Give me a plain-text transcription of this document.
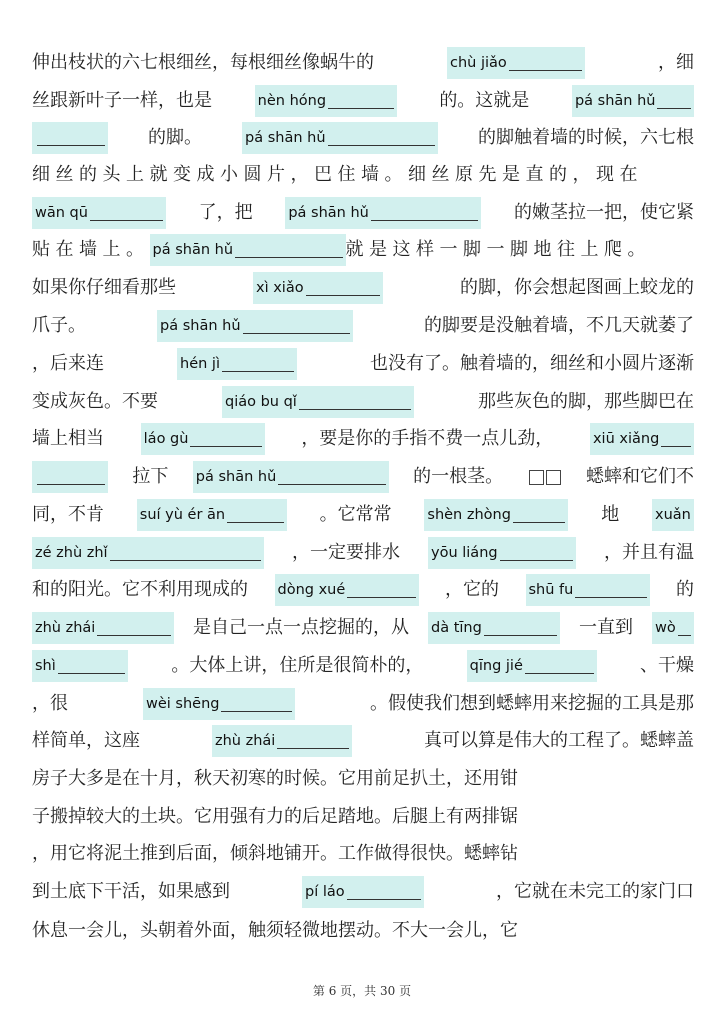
伸出枝状的六七根细丝，每根细丝像蜗牛的	chù jiǎo	，细
丝跟新叶子一样，也是	nèn hóng	的。这就是	pá shān hǔ
的脚。	pá shān hǔ	的脚触着墙的时候，六七根
细丝的头上就变成小圆片，巴住墙。细丝原先是直的，现在
wān qū	了，把 pá shān hǔ	的嫩茎拉一把，使它紧
贴在墙上。 pá shān hǔ	就是这样一脚一脚地往上爬。
如果你仔细看那些	xì xiǎo	的脚，你会想起图画上蛟龙的
爪子。	pá shān hǔ	的脚要是没触着墙，不几天就萎了
，后来连	hén jì	也没有了。触着墙的，细丝和小圆片逐渐
变成灰色。不要	qiáo bu qǐ	那些灰色的脚，那些脚巴在
墙上相当	láo gù	，要是你的手指不费一点儿劲，	xiū xiǎng
拉下 pá shān hǔ	的一根茎。	蟋蟀和它们不
同，不肯 suí yù ér ān	。它常常 shèn zhòng	地 xuǎn
zé zhù zhǐ	，一定要排水 yōu liáng	，并且有温
和的阳光。它不利用现成的 dòng xué	，它的 shū fu	的
zhù zhái	是自己一点一点挖掘的，从 dà tīng	一直到 wò
shì	。大体上讲，住所是很简朴的，	qīng jié	、干燥
，很	wèi shēng	。假使我们想到蟋蟀用来挖掘的工具是那
样简单，这座	zhù zhái	真可以算是伟大的工程了。蟋蟀盖
房子大多是在十月，秋天初寒的时候。它用前足扒土，还用钳
子搬掉较大的土块。它用强有力的后足踏地。后腿上有两排锯
，用它将泥土推到后面，倾斜地铺开。工作做得很快。蟋蟀钻
到土底下干活，如果感到	pí láo	，它就在未完工的家门口
休息一会儿，头朝着外面，触须轻微地摆动。不大一会儿，它
第 6 页，共 30 页
